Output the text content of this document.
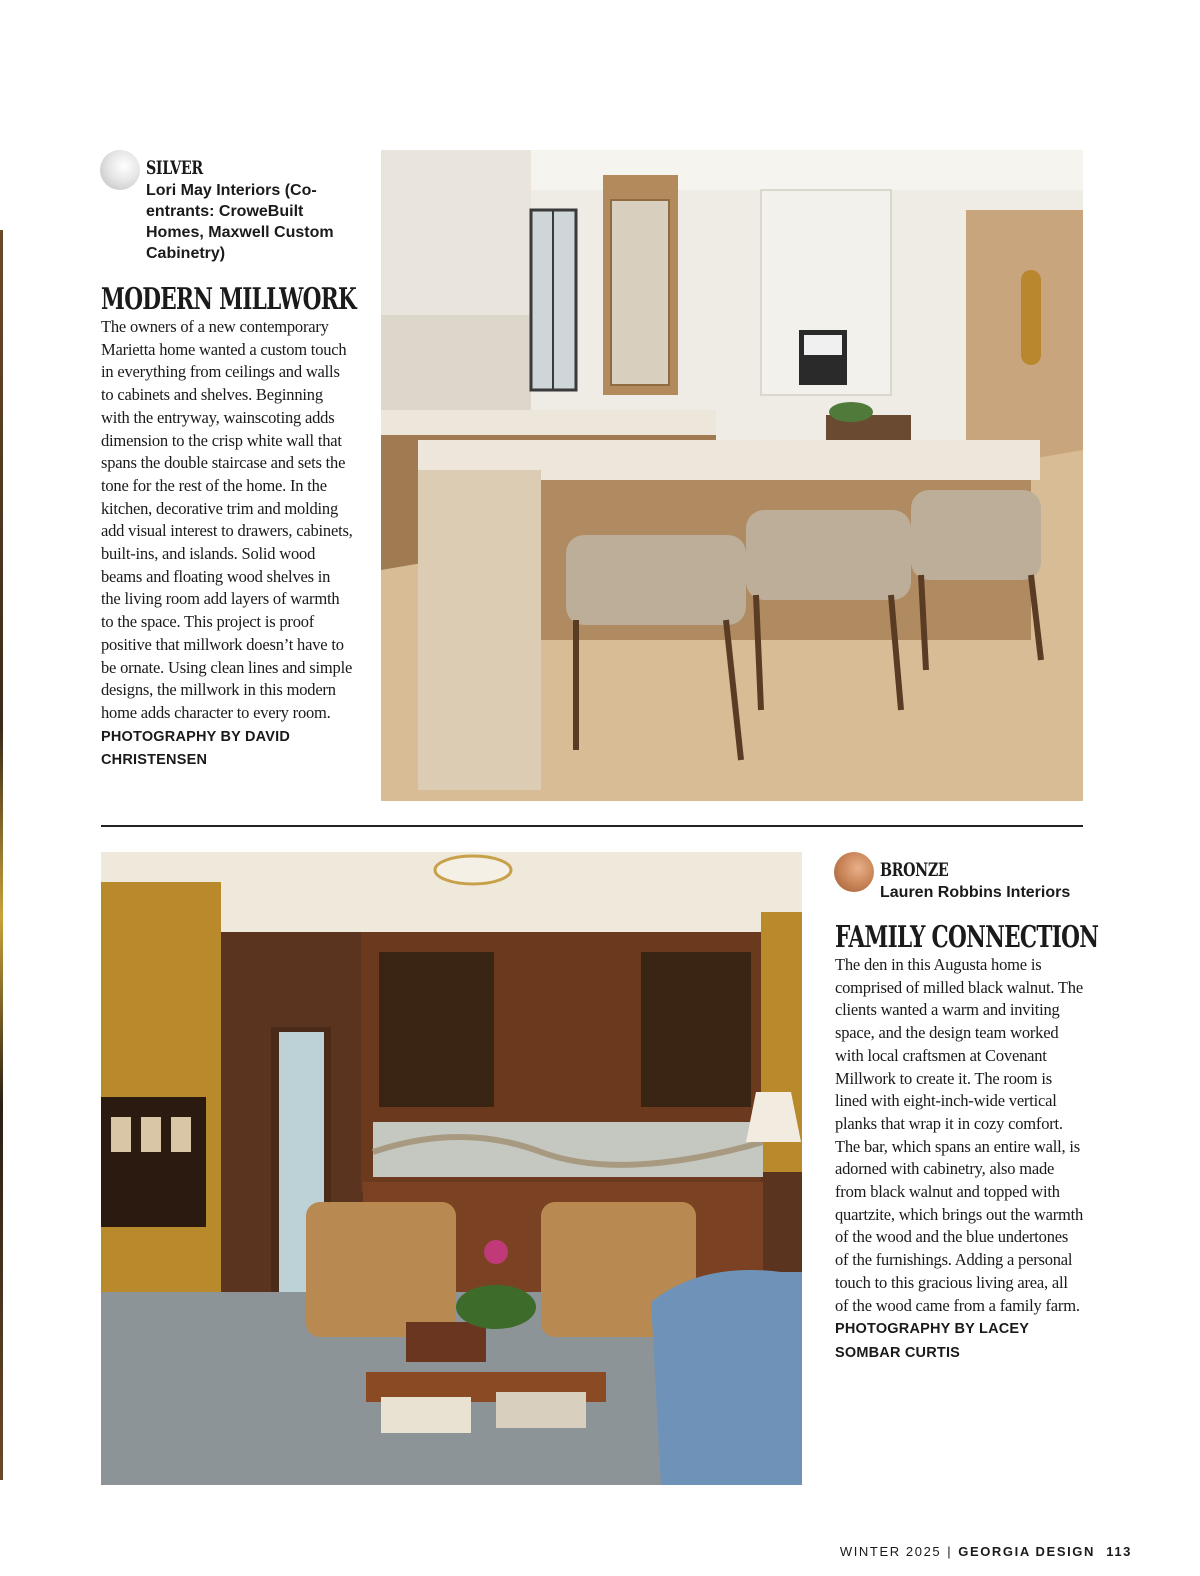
SILVER
Lori May Interiors (Co-entrants: CroweBuilt Homes, Maxwell Custom Cabinetry)
MODERN MILLWORK
The owners of a new contemporary Marietta home wanted a custom touch in everything from ceilings and walls to cabinets and shelves. Beginning with the entryway, wainscoting adds dimension to the crisp white wall that spans the double staircase and sets the tone for the rest of the home. In the kitchen, decorative trim and molding add visual interest to drawers, cabinets, built-ins, and islands. Solid wood beams and floating wood shelves in the living room add layers of warmth to the space. This project is proof positive that millwork doesn’t have to be ornate. Using clean lines and simple designs, the millwork in this modern home adds character to every room. PHOTOGRAPHY BY DAVID CHRISTENSEN
BRONZE
Lauren Robbins Interiors
FAMILY CONNECTION
The den in this Augusta home is comprised of milled black walnut. The clients wanted a warm and inviting space, and the design team worked with local craftsmen at Covenant Millwork to create it. The room is lined with eight-inch-wide vertical planks that wrap it in cozy comfort. The bar, which spans an entire wall, is adorned with cabinetry, also made from black walnut and topped with quartzite, which brings out the warmth of the wood and the blue undertones of the furnishings. Adding a personal touch to this gracious living area, all of the wood came from a family farm. PHOTOGRAPHY BY LACEY SOMBAR CURTIS
WINTER 2025 | GEORGIA DESIGN 113
